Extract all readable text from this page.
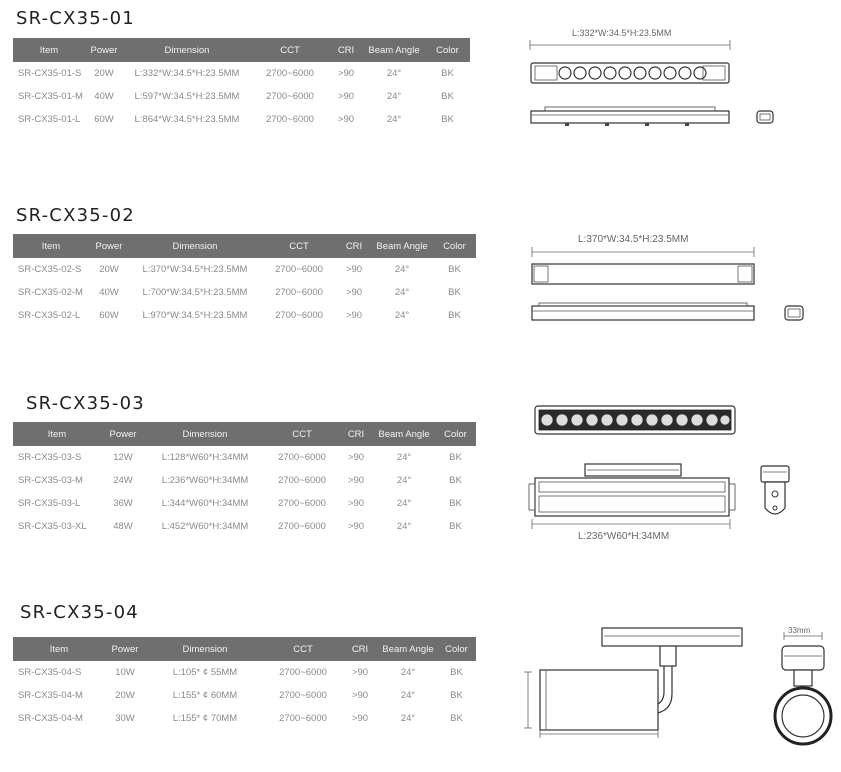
SR-CX35-01
Item	Power	Dimension	CCT	CRI	Beam Angle	Color
SR-CX35-01-S	20W	L:332*W:34.5*H:23.5MM	2700~6000	>90	24°	BK
SR-CX35-01-M	40W	L:597*W:34.5*H:23.5MM	2700~6000	>90	24°	BK
SR-CX35-01-L	60W	L:864*W:34.5*H:23.5MM	2700~6000	>90	24°	BK
L:332*W:34.5*H:23.5MM
SR-CX35-02
Item	Power	Dimension	CCT	CRI	Beam Angle	Color
SR-CX35-02-S	20W	L:370*W:34.5*H:23.5MM	2700~6000	>90	24°	BK
SR-CX35-02-M	40W	L:700*W:34.5*H:23.5MM	2700~6000	>90	24°	BK
SR-CX35-02-L	60W	L:970*W:34.5*H:23.5MM	2700~6000	>90	24°	BK
L:370*W:34.5*H:23.5MM
SR-CX35-03
Item	Power	Dimension	CCT	CRI	Beam Angle	Color
SR-CX35-03-S	12W	L:128*W60*H:34MM	2700~6000	>90	24°	BK
SR-CX35-03-M	24W	L:236*W60*H:34MM	2700~6000	>90	24°	BK
SR-CX35-03-L	36W	L:344*W60*H:34MM	2700~6000	>90	24°	BK
SR-CX35-03-XL	48W	L:452*W60*H:34MM	2700~6000	>90	24°	BK
L:236*W60*H:34MM
SR-CX35-04
Item	Power	Dimension	CCT	CRI	Beam Angle	Color
SR-CX35-04-S	10W	L:105* ¢ 55MM	2700~6000	>90	24°	BK
SR-CX35-04-M	20W	L:155* ¢ 60MM	2700~6000	>90	24°	BK
SR-CX35-04-M	30W	L:155* ¢ 70MM	2700~6000	>90	24°	BK
33mm
